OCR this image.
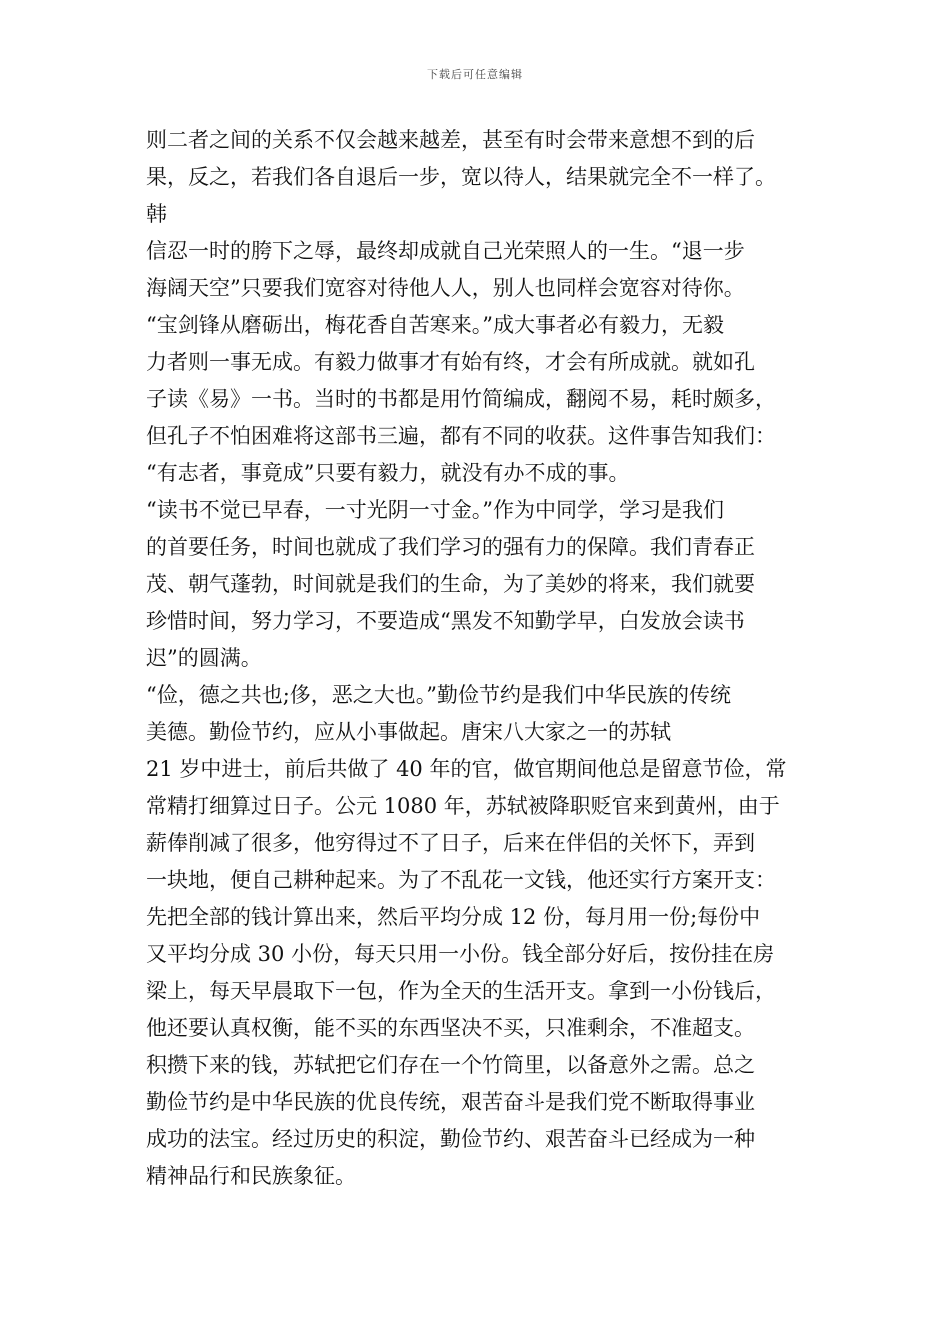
下载后可任意编辑
则二者之间的关系不仅会越来越差，甚至有时会带来意想不到的后
果，反之，若我们各自退后一步，宽以待人，结果就完全不一样了。
韩
信忍一时的胯下之辱，最终却成就自己光荣照人的一生。“退一步
海阔天空”只要我们宽容对待他人人，别人也同样会宽容对待你。
“宝剑锋从磨砺出，梅花香自苦寒来。”成大事者必有毅力，无毅
力者则一事无成。有毅力做事才有始有终，才会有所成就。就如孔
子读《易》一书。当时的书都是用竹简编成，翻阅不易，耗时颇多，
但孔子不怕困难将这部书三遍，都有不同的收获。这件事告知我们：
“有志者，事竟成”只要有毅力，就没有办不成的事。
“读书不觉已早春，一寸光阴一寸金。”作为中同学，学习是我们
的首要任务，时间也就成了我们学习的强有力的保障。我们青春正
茂、朝气蓬勃，时间就是我们的生命，为了美妙的将来，我们就要
珍惜时间，努力学习，不要造成“黑发不知勤学早，白发放会读书
迟”的圆满。
“俭，德之共也;侈，恶之大也。”勤俭节约是我们中华民族的传统
美德。勤俭节约，应从小事做起。唐宋八大家之一的苏轼
21 岁中进士，前后共做了 40 年的官，做官期间他总是留意节俭，常
常精打细算过日子。公元 1080 年，苏轼被降职贬官来到黄州，由于
薪俸削减了很多，他穷得过不了日子，后来在伴侣的关怀下，弄到
一块地，便自己耕种起来。为了不乱花一文钱，他还实行方案开支：
先把全部的钱计算出来，然后平均分成 12 份，每月用一份;每份中
又平均分成 30 小份，每天只用一小份。钱全部分好后，按份挂在房
梁上，每天早晨取下一包，作为全天的生活开支。拿到一小份钱后，
他还要认真权衡，能不买的东西坚决不买，只准剩余，不准超支。
积攒下来的钱，苏轼把它们存在一个竹筒里，以备意外之需。总之
勤俭节约是中华民族的优良传统，艰苦奋斗是我们党不断取得事业
成功的法宝。经过历史的积淀，勤俭节约、艰苦奋斗已经成为一种
精神品行和民族象征。
